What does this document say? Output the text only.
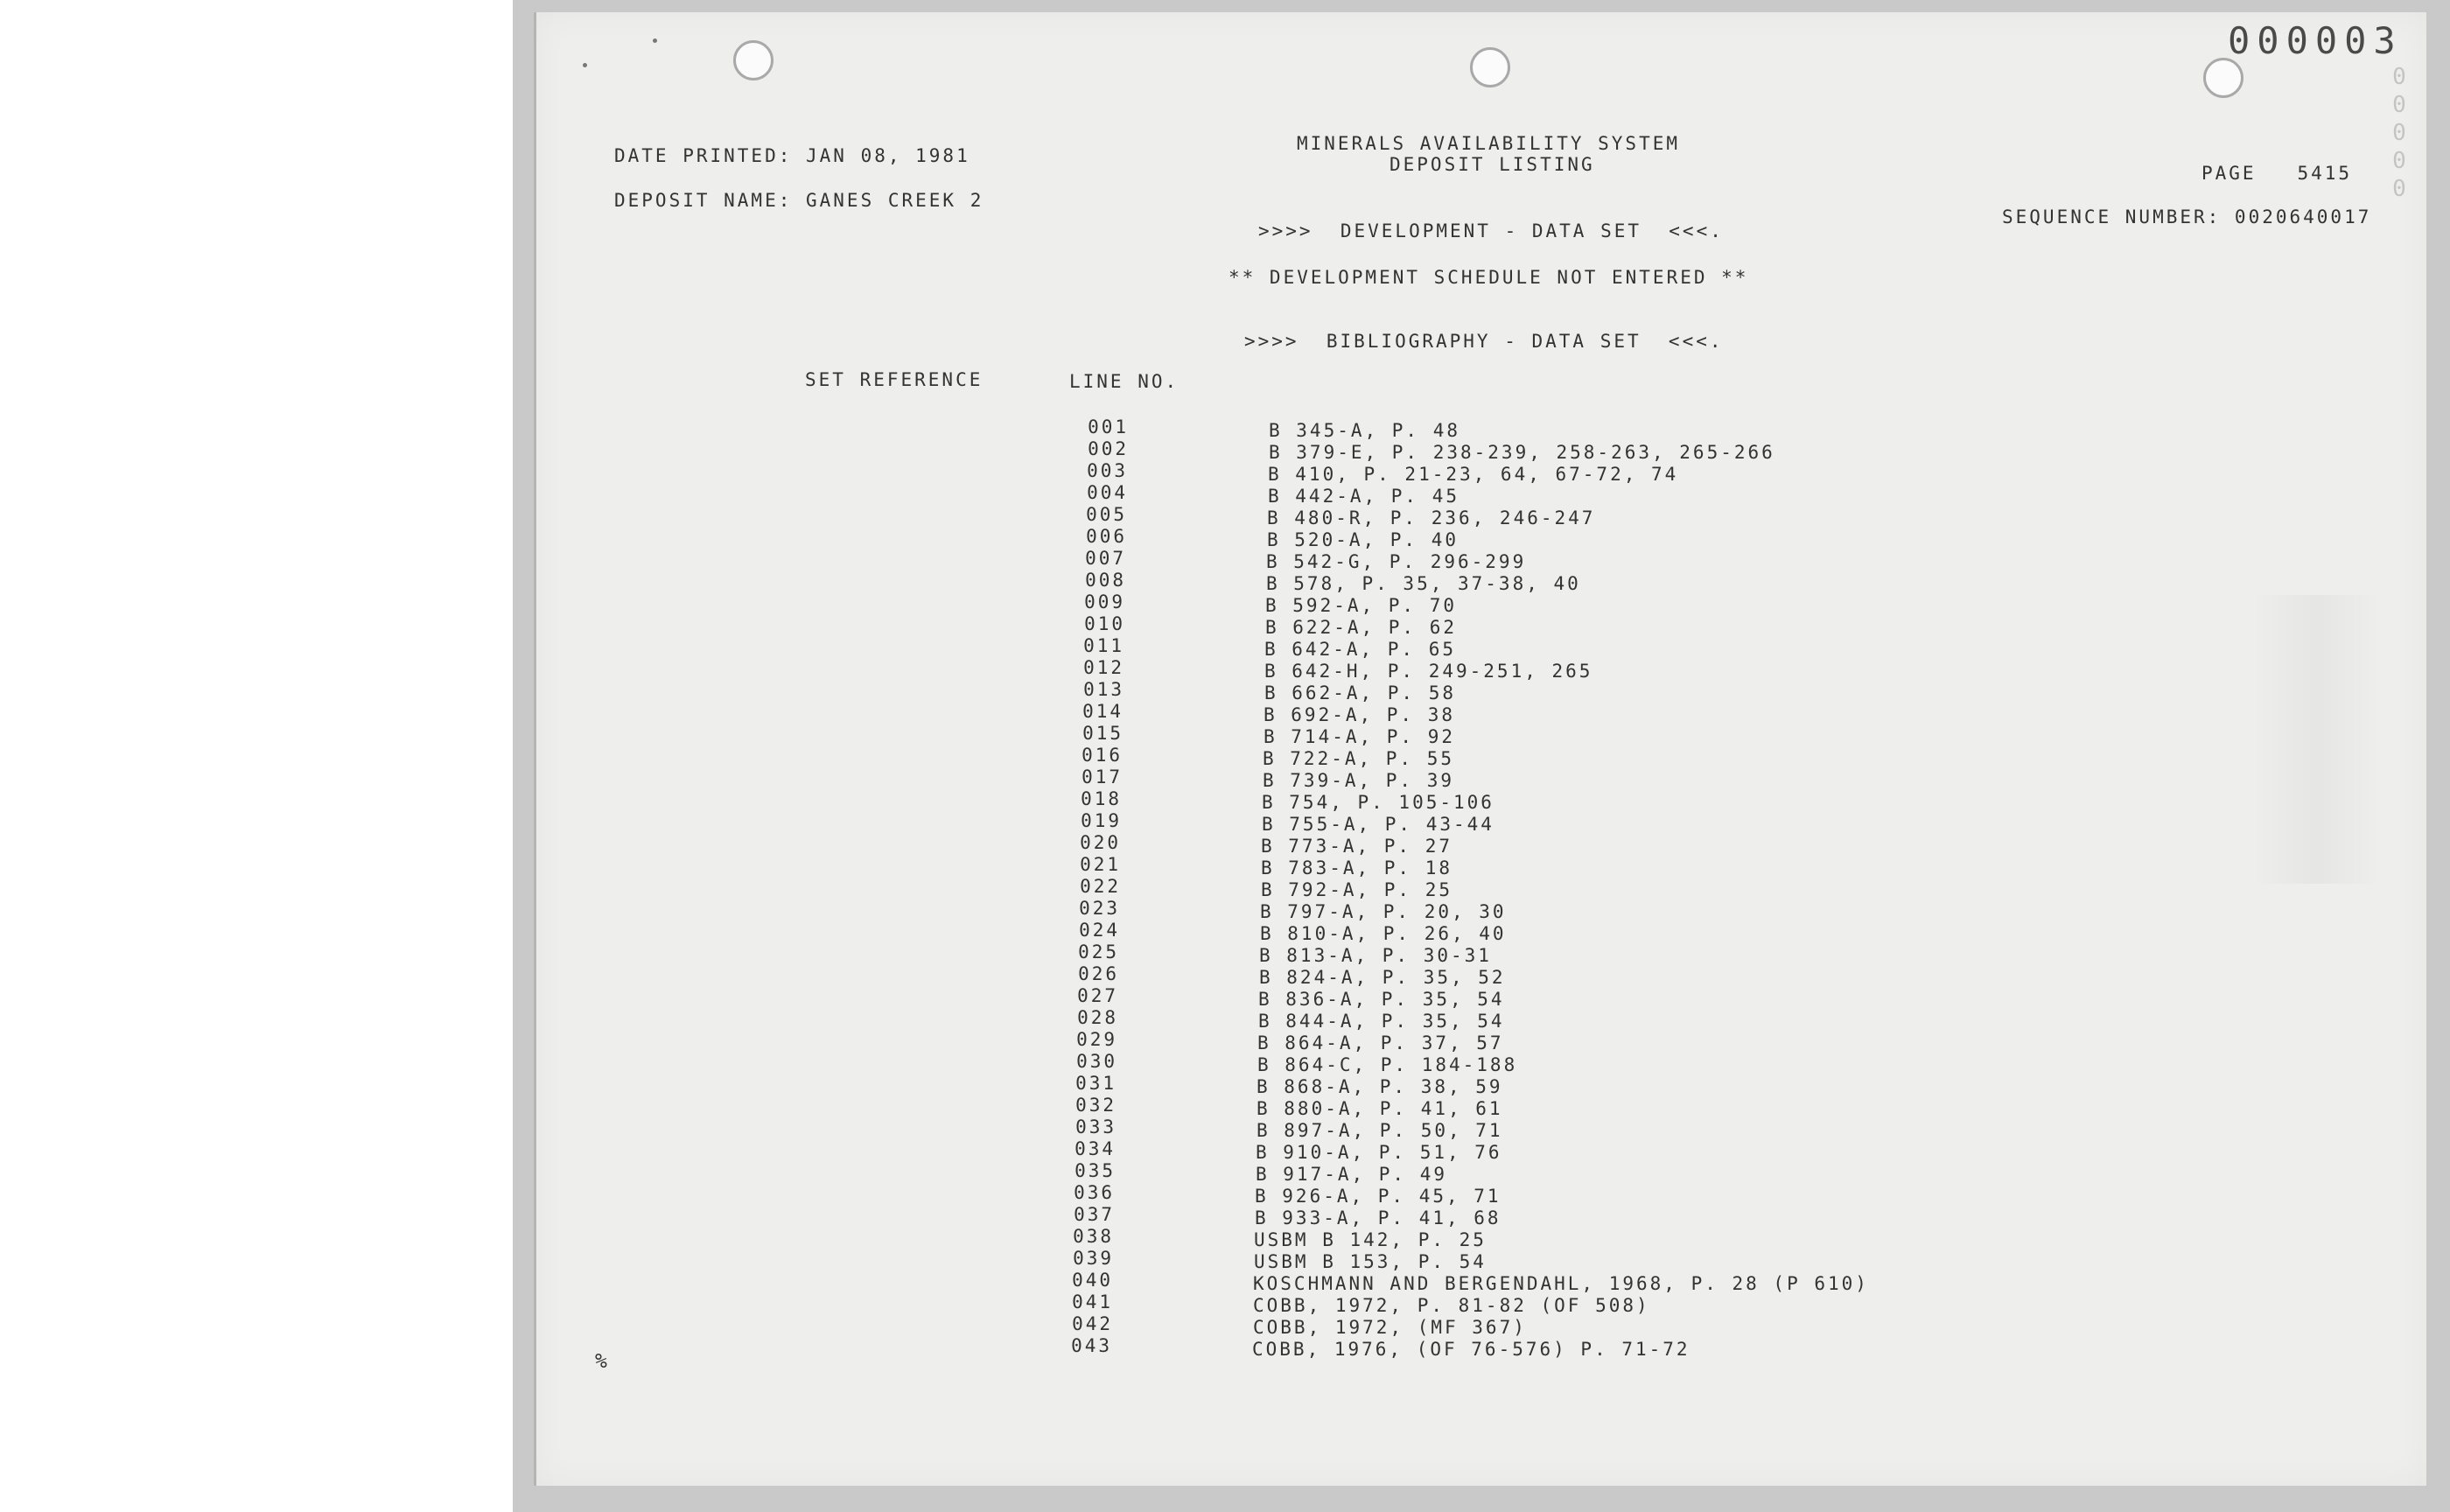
000003
0
0
0
0
0
DATE PRINTED: JAN 08, 1981
DEPOSIT NAME: GANES CREEK 2
MINERALS AVAILABILITY SYSTEM
DEPOSIT LISTING	PAGE   5415
SEQUENCE NUMBER: 0020640017
>>>>  DEVELOPMENT - DATA SET  <<<.
** DEVELOPMENT SCHEDULE NOT ENTERED **
>>>>  BIBLIOGRAPHY - DATA SET  <<<.
SET REFERENCE	LINE NO.
001	B 345-A, P. 48
002	B 379-E, P. 238-239, 258-263, 265-266
003	B 410, P. 21-23, 64, 67-72, 74
004	B 442-A, P. 45
005	B 480-R, P. 236, 246-247
006	B 520-A, P. 40
007	B 542-G, P. 296-299
008	B 578, P. 35, 37-38, 40
009	B 592-A, P. 70
010	B 622-A, P. 62
011	B 642-A, P. 65
012	B 642-H, P. 249-251, 265
013	B 662-A, P. 58
014	B 692-A, P. 38
015	B 714-A, P. 92
016	B 722-A, P. 55
017	B 739-A, P. 39
018	B 754, P. 105-106
019	B 755-A, P. 43-44
020	B 773-A, P. 27
021	B 783-A, P. 18
022	B 792-A, P. 25
023	B 797-A, P. 20, 30
024	B 810-A, P. 26, 40
025	B 813-A, P. 30-31
026	B 824-A, P. 35, 52
027	B 836-A, P. 35, 54
028	B 844-A, P. 35, 54
029	B 864-A, P. 37, 57
030	B 864-C, P. 184-188
031	B 868-A, P. 38, 59
032	B 880-A, P. 41, 61
033	B 897-A, P. 50, 71
034	B 910-A, P. 51, 76
035	B 917-A, P. 49
036	B 926-A, P. 45, 71
037	B 933-A, P. 41, 68
038	USBM B 142, P. 25
039	USBM B 153, P. 54
040	KOSCHMANN AND BERGENDAHL, 1968, P. 28 (P 610)
041	COBB, 1972, P. 81-82 (OF 508)
042	COBB, 1972, (MF 367)
043	COBB, 1976, (OF 76-576) P. 71-72
%
